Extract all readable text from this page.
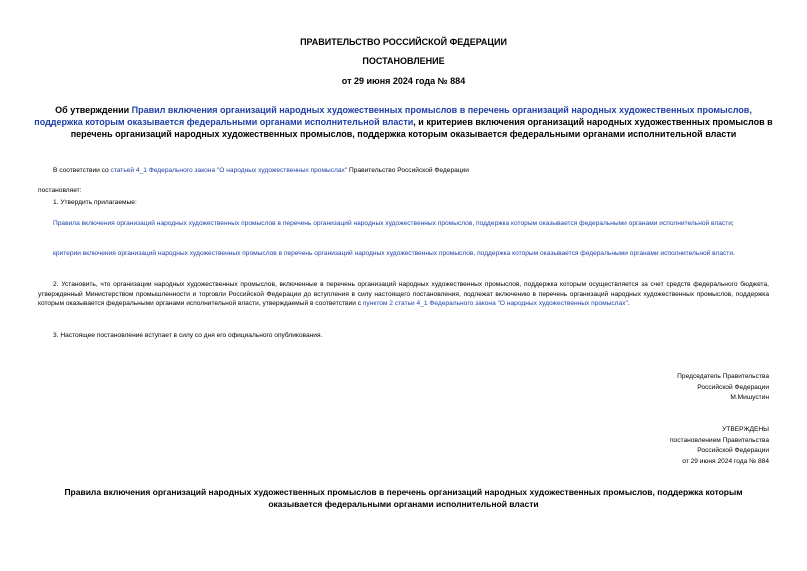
ПРАВИТЕЛЬСТВО РОССИЙСКОЙ ФЕДЕРАЦИИ
ПОСТАНОВЛЕНИЕ
от 29 июня 2024 года № 884
Об утверждении Правил включения организаций народных художественных промыслов в перечень организаций народных художественных промыслов, поддержка которым оказывается федеральными органами исполнительной власти, и критериев включения организаций народных художественных промыслов в перечень организаций народных художественных промыслов, поддержка которым оказывается федеральными органами исполнительной власти
В соответствии со статьей 4_1 Федерального закона "О народных художественных промыслах" Правительство Российской Федерации
постановляет:
1. Утвердить прилагаемые:
Правила включения организаций народных художественных промыслов в перечень организаций народных художественных промыслов, поддержка которым оказывается федеральными органами исполнительной власти;
критерии включения организаций народных художественных промыслов в перечень организаций народных художественных промыслов, поддержка которым оказывается федеральными органами исполнительной власти.
2. Установить, что организации народных художественных промыслов, включенные в перечень организаций народных художественных промыслов, поддержка которым осуществляется за счет средств федерального бюджета, утвержденный Министерством промышленности и торговли Российской Федерации до вступления в силу настоящего постановления, подлежат включению в перечень организаций народных художественных промыслов, поддержка которым оказывается федеральными органами исполнительной власти, утверждаемый в соответствии с пунктом 2 статьи 4_1 Федерального закона "О народных художественных промыслах".
3. Настоящее постановление вступает в силу со дня его официального опубликования.
Председатель Правительства
Российской Федерации
М.Мишустин
УТВЕРЖДЕНЫ
постановлением Правительства
Российской Федерации
от 29 июня 2024 года № 884
Правила включения организаций народных художественных промыслов в перечень организаций народных художественных промыслов, поддержка которым оказывается федеральными органами исполнительной власти
